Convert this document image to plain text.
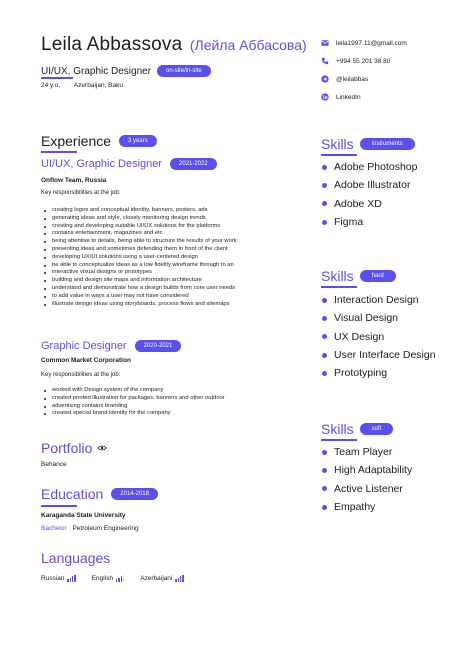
Leila Abbassova (Лейла Аббасова)
UI/UX, Graphic Designer	on-site/in-site
24 y.o. Azerbaijan, Baku
leila1997.11@gmail.com
+994 55 201 38 80
@leilabbas
LinkedIn
Experience	3 years
UI/UX, Graphic Designer	2021-2022
Onflow Team, Russia
Key responsibilities at the job:
creating logos and conceptual identity, banners, posters, ads
generating ideas and style, closely monitoring design trends
creating and developing suitable UI/UX solutions for the platforms
contains entertainment, magazines and etc
being attentive to details, being able to structure the results of your work
presenting ideas and sometimes defending them in front of the client
developing UX/UI solutions using a user-centered design
be able to conceptualize ideas as a low fidelity wireframe through to an
interactive visual designs or prototypes
building and design site maps and information architecture
understand and demonstrate how a design builds from core user needs
to add value in ways a user may not have considered
illustrate design ideas using storyboards, process flows and sitemaps
Graphic Designer	2020-2021
Common Market Corporation
Key responsibilities at the job:
worked with Design system of the company
created printed illustration for packages, banners and other outdoor
advertising contains branding
created special brand identity for the company
Portfolio
Behance
Education	2014-2018
Karaganda State University
Bachelor Petroleum Engineering
Languages
Russian	English	Azerbaijani
Skills	instruments
Adobe Photoshop
Adobe Illustrator
Adobe XD
Figma
Skills	hard
Interaction Design
Visual Design
UX Design
User Interface Design
Prototyping
Skills	soft
Team Player
High Adaptability
Active Listener
Empathy
